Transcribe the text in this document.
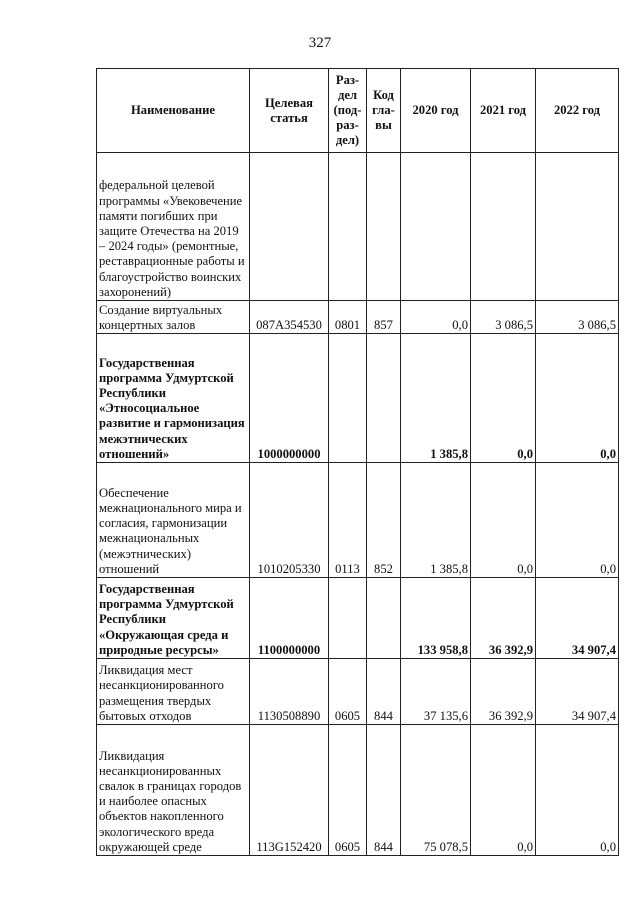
327
Наименование	Целевая статья	Раз- дел (под- раз- дел)	Код гла- вы	2020 год	2021 год	2022 год
федеральной целевой программы «Увековечение памяти погибших при защите Отечества на 2019 – 2024 годы» (ремонтные, реставрационные работы и благоустройство воинских захоронений)						
Создание виртуальных концертных залов	087A354530	0801	857	0,0	3 086,5	3 086,5
Государственная программа Удмуртской Республики «Этносоциальное развитие и гармонизация межэтнических отношений»	1000000000			1 385,8	0,0	0,0
Обеспечение межнационального мира и согласия, гармонизации межнациональных (межэтнических) отношений	1010205330	0113	852	1 385,8	0,0	0,0
Государственная программа Удмуртской Республики «Окружающая среда и природные ресурсы»	1100000000			133 958,8	36 392,9	34 907,4
Ликвидация мест несанкционированного размещения твердых бытовых отходов	1130508890	0605	844	37 135,6	36 392,9	34 907,4
Ликвидация несанкционированных свалок в границах городов и наиболее опасных объектов накопленного экологического вреда окружающей среде	113G152420	0605	844	75 078,5	0,0	0,0
